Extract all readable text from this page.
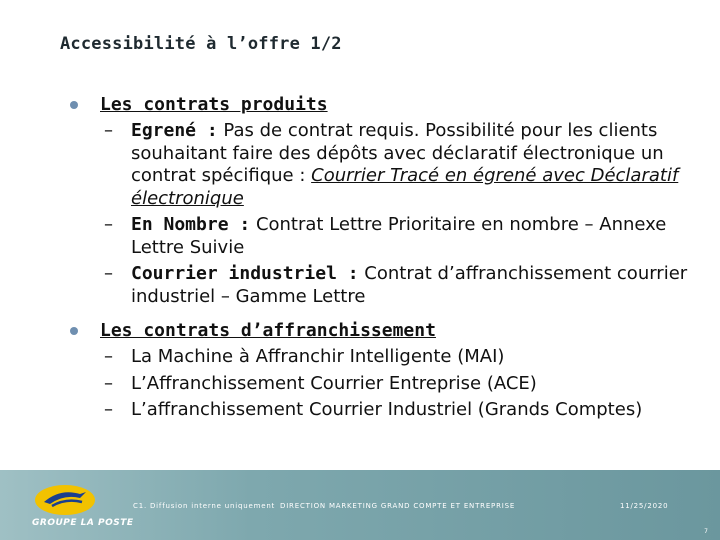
Accessibilité à l’offre 1/2
Les contrats produits
– Egrené : Pas de contrat requis. Possibilité pour les clients souhaitant faire des dépôts avec déclaratif électronique un contrat spécifique : Courrier Tracé en égrené avec Déclaratif électronique
– En Nombre : Contrat Lettre Prioritaire en nombre – Annexe Lettre Suivie
– Courrier industriel : Contrat d’affranchissement courrier industriel – Gamme Lettre
Les contrats d’affranchissement
– La Machine à Affranchir Intelligente (MAI)
– L’Affranchissement Courrier Entreprise (ACE)
– L’affranchissement Courrier Industriel (Grands Comptes)
GROUPE LA POSTE
C1. Diffusion interne uniquement DIRECTION MARKETING GRAND COMPTE ET ENTREPRISE	11/25/2020
7
